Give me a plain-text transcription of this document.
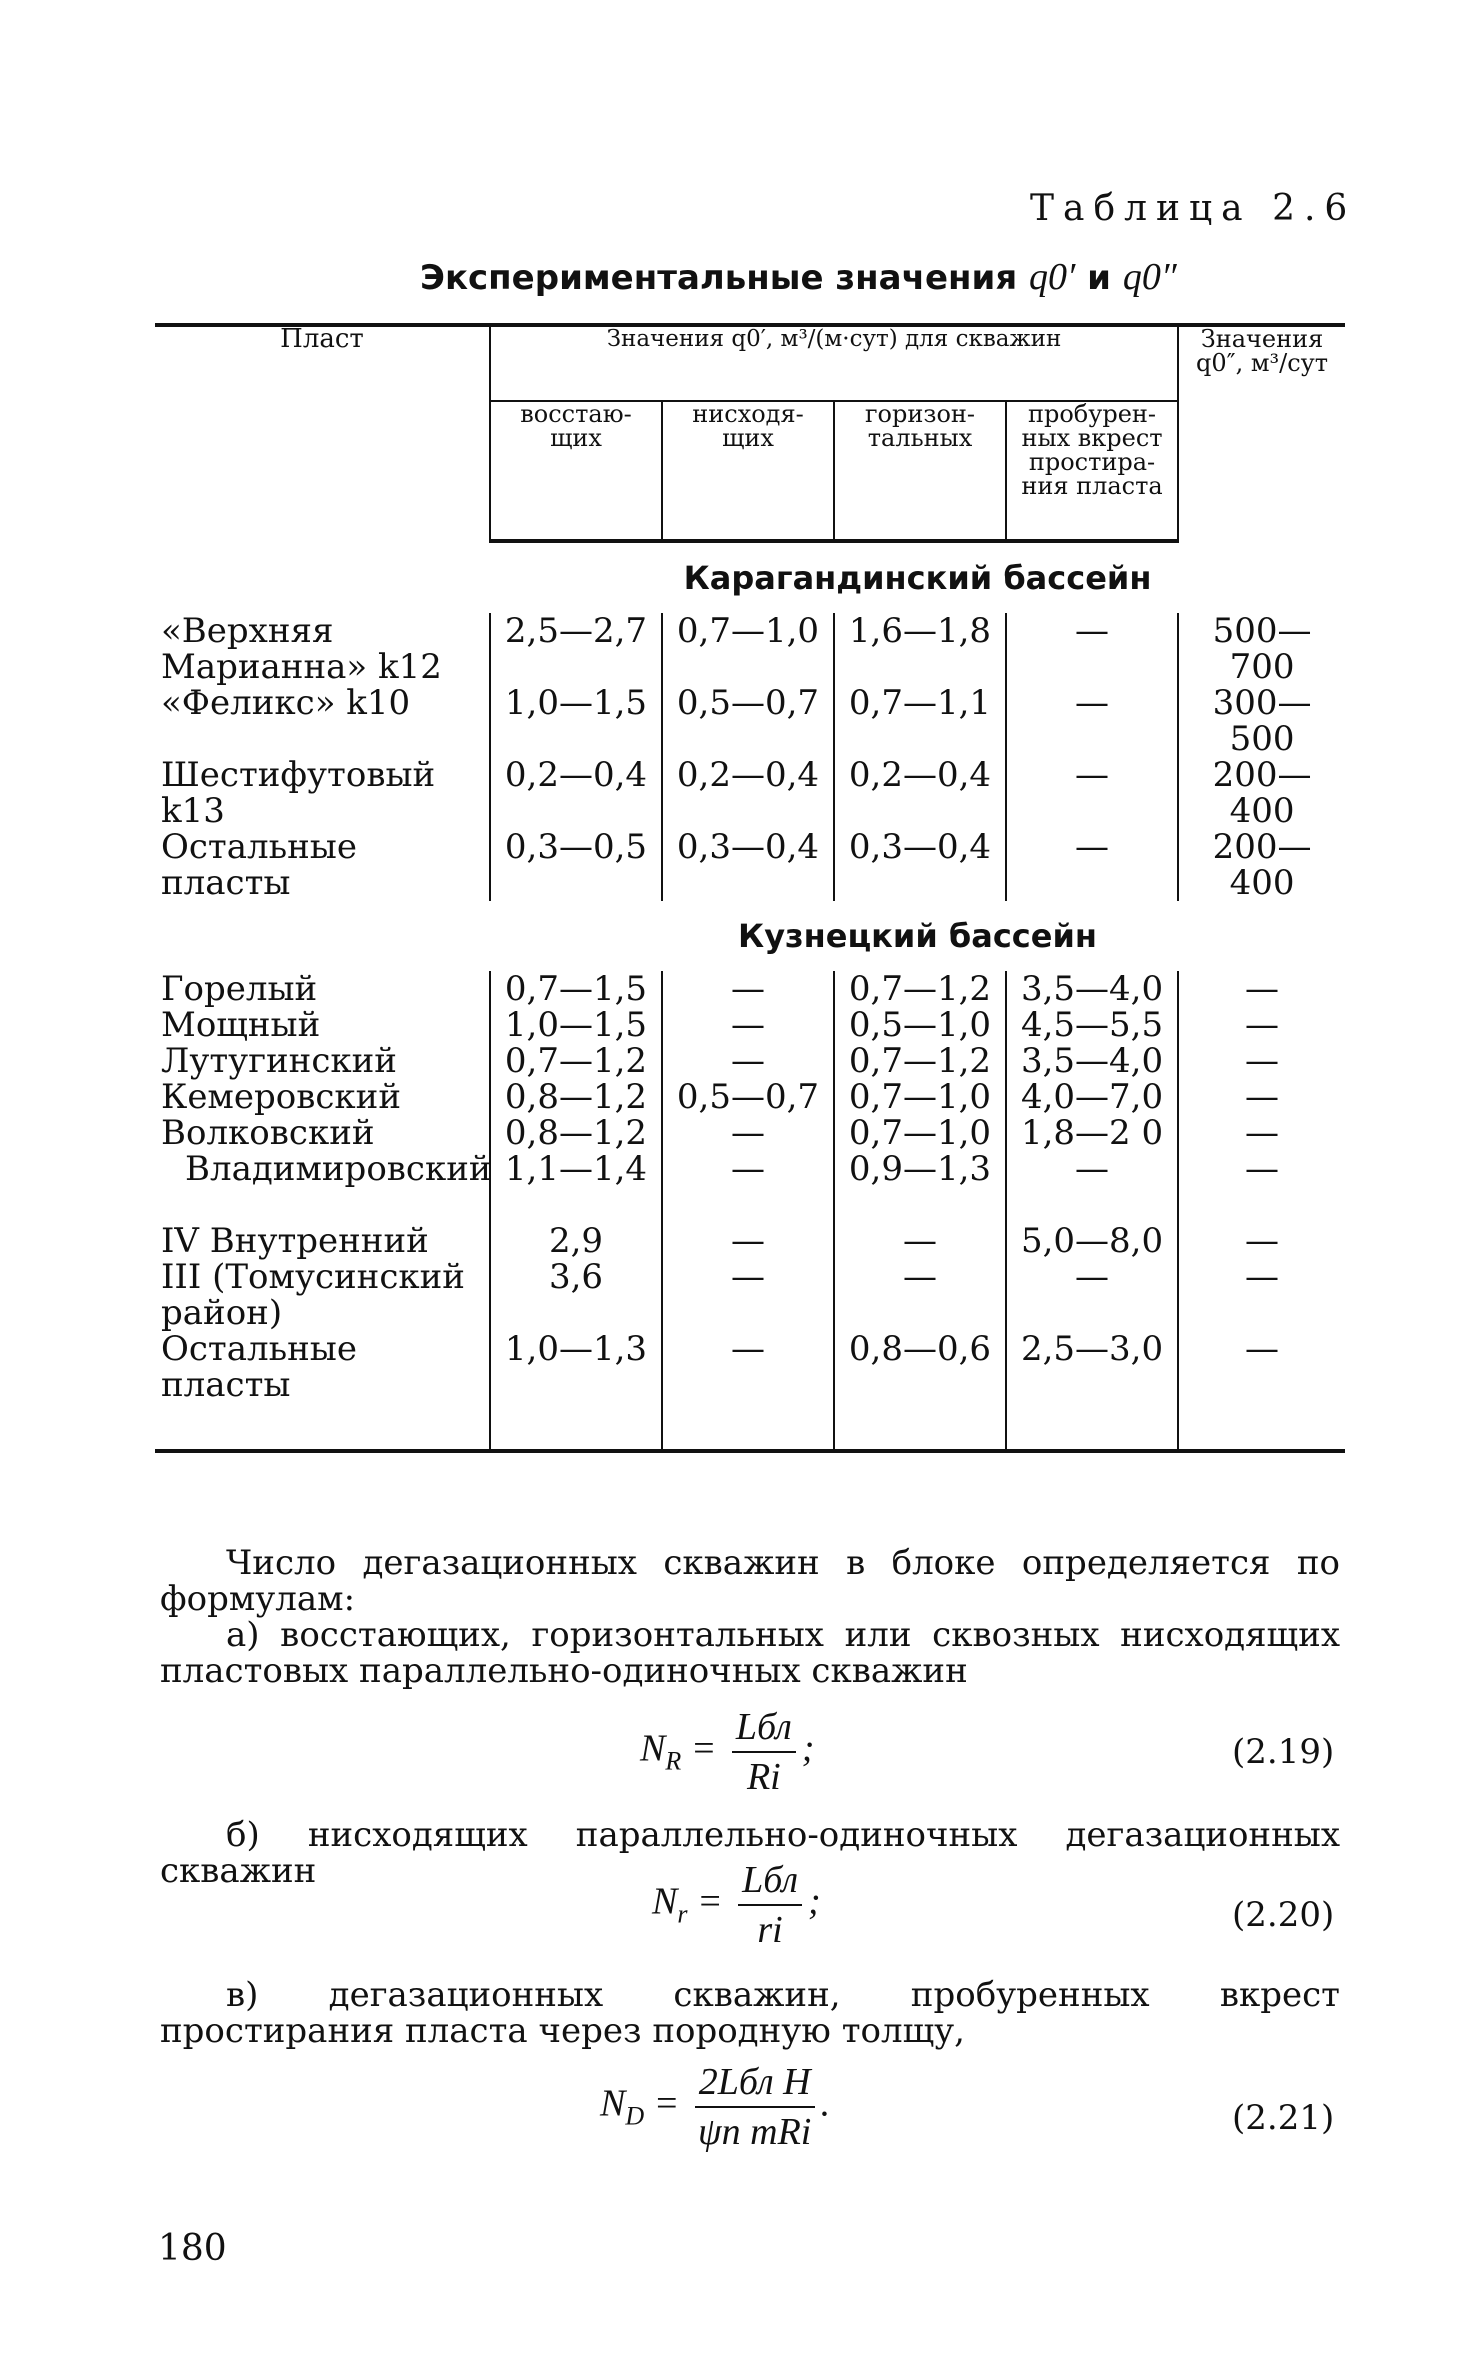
Таблица 2.6
Экспериментальные значения q0′ и q0″
Пласт	Значения q0′, м³/(м·сут) для скважин				Значения q0″, м³/сут
	восстаю-щих	нисходя-щих	горизон-тальных	пробурен-ных вкрест простира-ния пласта	
	Карагандинский бассейн				
«Верхняя Марианна» k12	2,5—2,7	0,7—1,0	1,6—1,8	—	500—700
«Феликс» k10	1,0—1,5	0,5—0,7	0,7—1,1	—	300—500
Шестифутовый k13	0,2—0,4	0,2—0,4	0,2—0,4	—	200—400
Остальные пласты	0,3—0,5	0,3—0,4	0,3—0,4	—	200—400
	Кузнецкий бассейн				
Горелый	0,7—1,5	—	0,7—1,2	3,5—4,0	—
Мощный	1,0—1,5	—	0,5—1,0	4,5—5,5	—
Лутугинский	0,7—1,2	—	0,7—1,2	3,5—4,0	—
Кемеровский	0,8—1,2	0,5—0,7	0,7—1,0	4,0—7,0	—
Волковский	0,8—1,2	—	0,7—1,0	1,8—2 0	—
Владимировский	1,1—1,4	—	0,9—1,3	—	—
IV Внутренний	2,9	—	—	5,0—8,0	—
III (Томусинский район)	3,6	—	—	—	—
Остальные пласты	1,0—1,3	—	0,8—0,6	2,5—3,0	—
Число дегазационных скважин в блоке определяется по формулам:
а) восстающих, горизонтальных или сквозных нисходящих пластовых параллельно-одиночных скважин
$N_R = \frac{\text{Lбл}}{Ri}$ ;	(2.19)
б) нисходящих параллельно-одиночных дегазационных скважин
$N_r = \frac{\text{Lбл}}{ri}$ ;	(2.20)
в) дегазационных скважин, пробуренных вкрест простирания пласта через породную толщу,
$N_D = \frac{\text{2Lбл H}}{\text{ψп mRi}}$ .	(2.21)
180
